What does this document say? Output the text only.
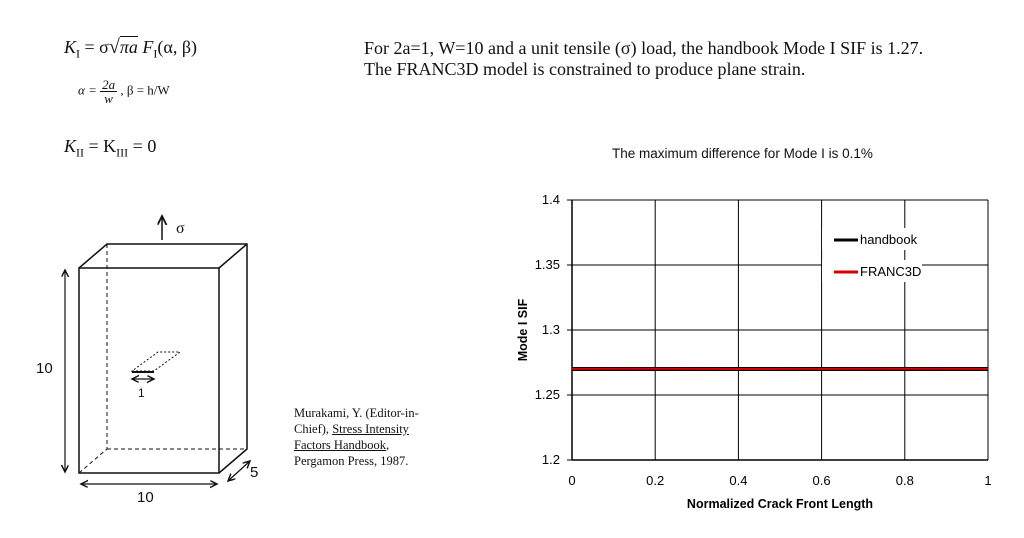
$K_I = \sigma√\pi a$ $F_I(\alpha$, β)
$\alpha = \frac{2a}{w}$ , β = h/W
$K_{II} = K_{III} = 0$
For 2a=1, W=10 and a unit tensile (σ) load, the handbook Mode I SIF is 1.27.
The FRANC3D model is constrained to produce plane strain.
σ
10
10
5
1
Murakami, Y. (Editor-in-
Chief), Stress Intensity
Factors Handbook,
Pergamon Press, 1987.
The maximum difference for Mode I is 0.1%
0	0.2	0.4	0.6	0.8	1
1.2
1.25
1.3
1.35
1.4
Normalized Crack Front Length
Mode I SIF
handbook
FRANC3D
